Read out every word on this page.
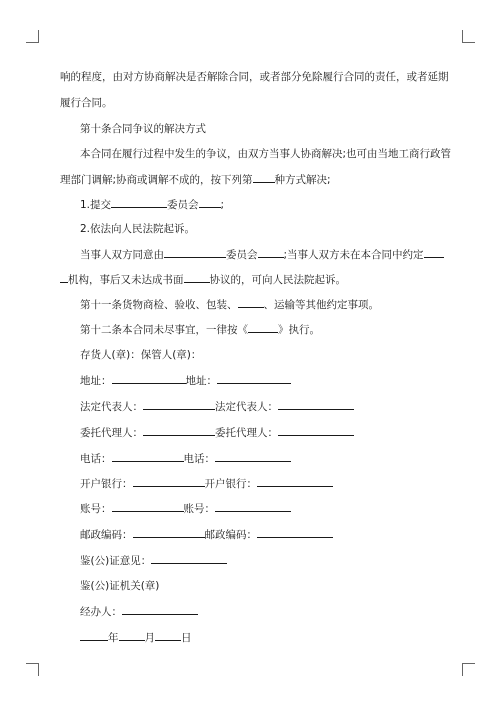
响的程度，由对方协商解决是否解除合同，或者部分免除履行合同的责任，或者延期
履行合同。
第十条合同争议的解决方式
本合同在履行过程中发生的争议，由双方当事人协商解决;也可由当地工商行政管
理部门调解;协商或调解不成的，按下列第 种方式解决;
1.提交	委员会 ;
2.依法向人民法院起诉。
当事人双方同意由	委员会 ;当事人双方未在本合同中约定
机构，事后又未达成书面 协议的，可向人民法院起诉。
第十一条货物商检、验收、包装、 、运输等其他约定事项。
第十二条本合同未尽事宜，一律按《	》执行。
存货人(章)：保管人(章)：
地址：	地址：
法定代表人：	法定代表人：
委托代理人：	委托代理人：
电话：	电话：
开户银行：	开户银行：
账号：	账号：
邮政编码：	邮政编码：
鉴(公)证意见：
鉴(公)证机关(章)
经办人：
年 月 日
